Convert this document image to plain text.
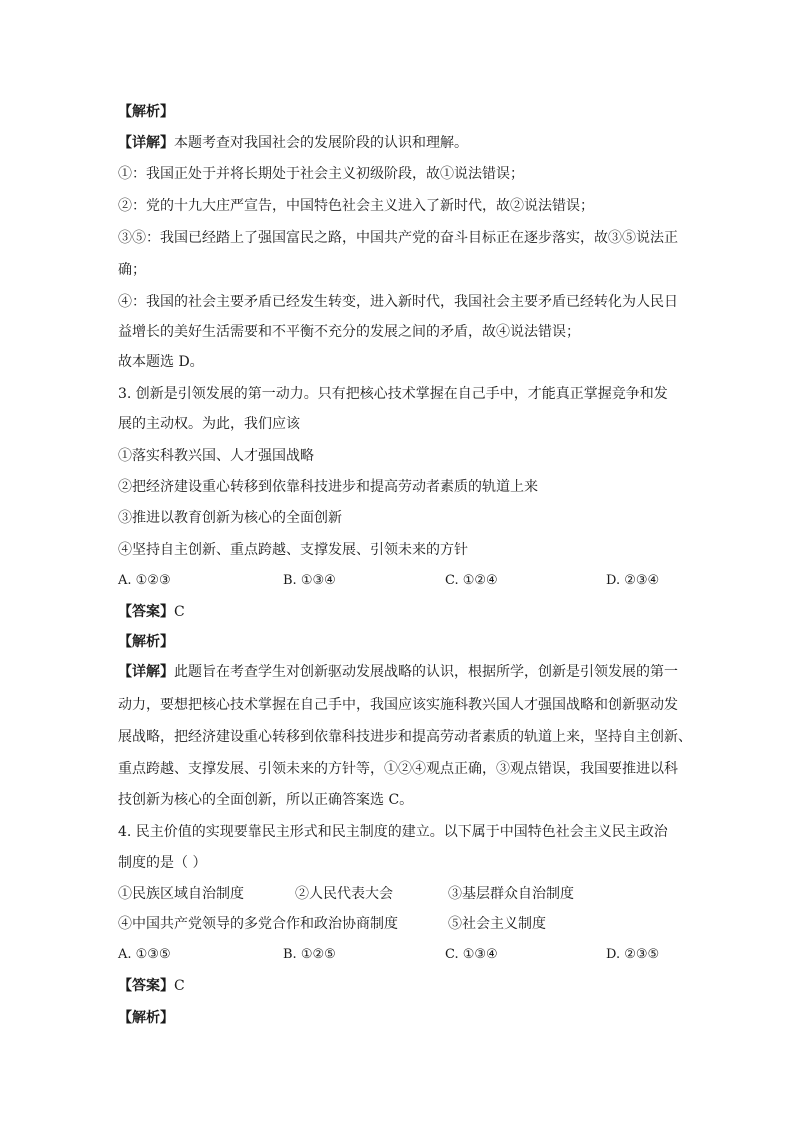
【解析】
【详解】本题考查对我国社会的发展阶段的认识和理解。
①：我国正处于并将长期处于社会主义初级阶段，故①说法错误；
②：党的十九大庄严宣告，中国特色社会主义进入了新时代，故②说法错误；
③⑤：我国已经踏上了强国富民之路，中国共产党的奋斗目标正在逐步落实，故③⑤说法正
确；
④：我国的社会主要矛盾已经发生转变，进入新时代，我国社会主要矛盾已经转化为人民日
益增长的美好生活需要和不平衡不充分的发展之间的矛盾，故④说法错误；
故本题选 D。
3. 创新是引领发展的第一动力。只有把核心技术掌握在自己手中，才能真正掌握竞争和发
展的主动权。为此，我们应该
①落实科教兴国、人才强国战略
②把经济建设重心转移到依靠科技进步和提高劳动者素质的轨道上来
③推进以教育创新为核心的全面创新
④坚持自主创新、重点跨越、支撑发展、引领未来的方针
A. ①②③	B. ①③④	C. ①②④	D. ②③④
【答案】C
【解析】
【详解】此题旨在考查学生对创新驱动发展战略的认识，根据所学，创新是引领发展的第一
动力，要想把核心技术掌握在自己手中，我国应该实施科教兴国人才强国战略和创新驱动发
展战略，把经济建设重心转移到依靠科技进步和提高劳动者素质的轨道上来，坚持自主创新、
重点跨越、支撑发展、引领未来的方针等，①②④观点正确，③观点错误，我国要推进以科
技创新为核心的全面创新，所以正确答案选 C。
4. 民主价值的实现要靠民主形式和民主制度的建立。以下属于中国特色社会主义民主政治
制度的是（ ）
①民族区域自治制度	②人民代表大会	③基层群众自治制度
④中国共产党领导的多党合作和政治协商制度	⑤社会主义制度
A. ①③⑤	B. ①②⑤	C. ①③④	D. ②③⑤
【答案】C
【解析】
